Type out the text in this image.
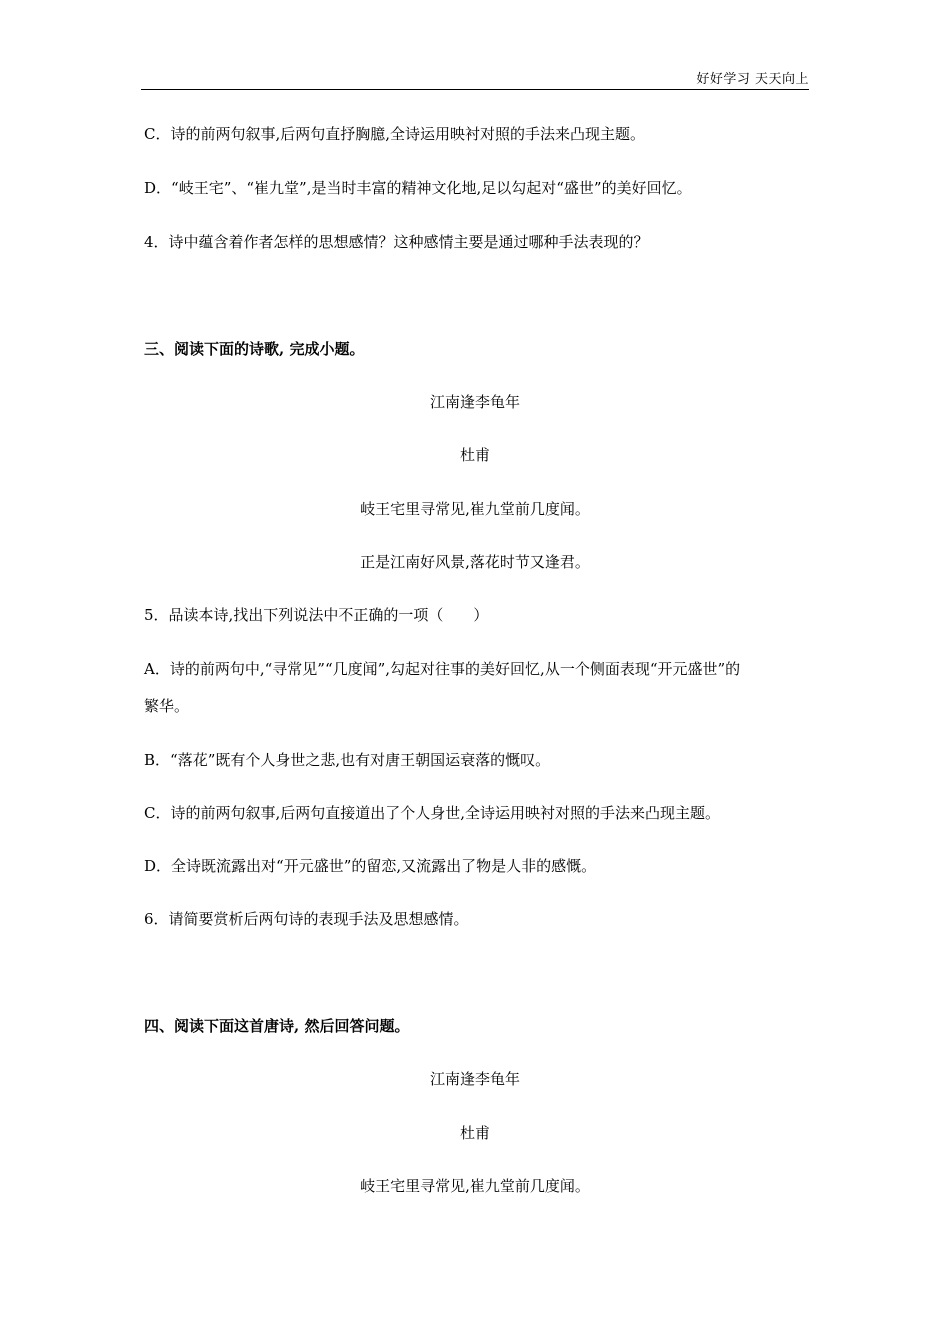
好好学习 天天向上
C．诗的前两句叙事,后两句直抒胸臆,全诗运用映衬对照的手法来凸现主题。
D．“岐王宅”、“崔九堂”,是当时丰富的精神文化地,足以勾起对“盛世”的美好回忆。
4．诗中蕴含着作者怎样的思想感情？这种感情主要是通过哪种手法表现的？
三、阅读下面的诗歌, 完成小题。
江南逢李龟年
杜甫
岐王宅里寻常见,崔九堂前几度闻。
正是江南好风景,落花时节又逢君。
5．品读本诗,找出下列说法中不正确的一项（　　）
A．诗的前两句中,“寻常见”“几度闻”,勾起对往事的美好回忆,从一个侧面表现“开元盛世”的
繁华。
B．“落花”既有个人身世之悲,也有对唐王朝国运衰落的慨叹。
C．诗的前两句叙事,后两句直接道出了个人身世,全诗运用映衬对照的手法来凸现主题。
D．全诗既流露出对“开元盛世”的留恋,又流露出了物是人非的感慨。
6．请简要赏析后两句诗的表现手法及思想感情。
四、阅读下面这首唐诗, 然后回答问题。
江南逢李龟年
杜甫
岐王宅里寻常见,崔九堂前几度闻。
